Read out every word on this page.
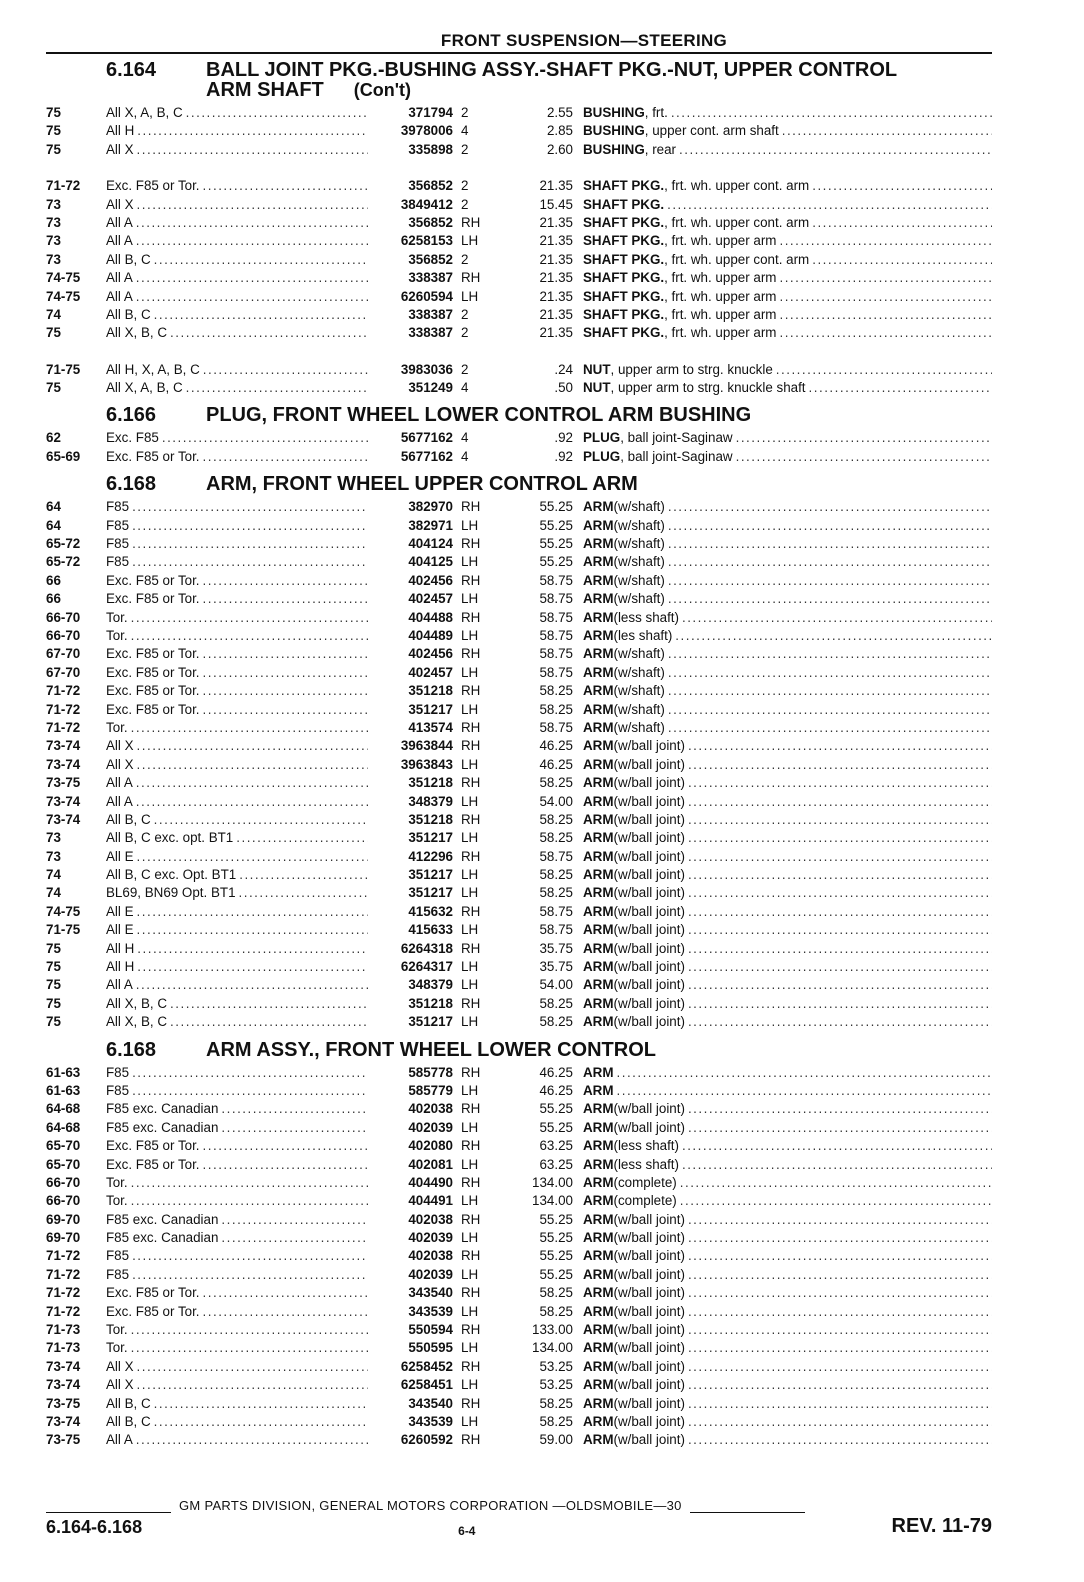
FRONT SUSPENSION—STEERING
6.164	BALL JOINT PKG.-BUSHING ASSY.-SHAFT PKG.-NUT, UPPER CONTROL
ARM SHAFT (Con't)
75	All X, A, B, C .....	371794 2	2.55 BUSHING , frt.
.....
75	All H .....	3978006 4	2.85 BUSHING , upper cont. arm shaft
.....
75	All X .....	335898 2	2.60 BUSHING , rear
.....
71-72	Exc. F85 or Tor. .....	356852 2	21.35 SHAFT PKG. , frt. wh. upper cont. arm
.....
73	All X .....	3849412 2	15.45 SHAFT PKG.
.....
73	All A .....	356852 RH	21.35 SHAFT PKG. , frt. wh. upper cont. arm
.....
73	All A .....	6258153 LH	21.35 SHAFT PKG. , frt. wh. upper arm
.....
73	All B, C .....	356852 2	21.35 SHAFT PKG. , frt. wh. upper cont. arm
.....
74-75	All A .....	338387 RH	21.35 SHAFT PKG. , frt. wh. upper arm
.....
74-75	All A .....	6260594 LH	21.35 SHAFT PKG. , frt. wh. upper arm
.....
74	All B, C .....	338387 2	21.35 SHAFT PKG. , frt. wh. upper arm
.....
75	All X, B, C .....	338387 2	21.35 SHAFT PKG. , frt. wh. upper arm
.....
71-75	All H, X, A, B, C .....	3983036 2	.24 NUT , upper arm to strg. knuckle
.....
75	All X, A, B, C .....	351249 4	.50 NUT , upper arm to strg. knuckle shaft
.....
6.166	PLUG, FRONT WHEEL LOWER CONTROL ARM BUSHING
62	Exc. F85 .....	5677162 4	.92 PLUG , ball joint-Saginaw
.....
65-69	Exc. F85 or Tor. .....	5677162 4	.92 PLUG , ball joint-Saginaw
.....
6.168	ARM, FRONT WHEEL UPPER CONTROL ARM
64	F85 .....	382970 RH	55.25 ARM (w/shaft)
.....
64	F85 .....	382971 LH	55.25 ARM (w/shaft)
.....
65-72	F85 .....	404124 RH	55.25 ARM (w/shaft)
.....
65-72	F85 .....	404125 LH	55.25 ARM (w/shaft)
.....
66	Exc. F85 or Tor. .....	402456 RH	58.75 ARM (w/shaft)
.....
66	Exc. F85 or Tor. .....	402457 LH	58.75 ARM (w/shaft)
.....
66-70	Tor. .....	404488 RH	58.75 ARM (less shaft)
.....
66-70	Tor. .....	404489 LH	58.75 ARM (les shaft)
.....
67-70	Exc. F85 or Tor. .....	402456 RH	58.75 ARM (w/shaft)
.....
67-70	Exc. F85 or Tor. .....	402457 LH	58.75 ARM (w/shaft)
.....
71-72	Exc. F85 or Tor. .....	351218 RH	58.25 ARM (w/shaft)
.....
71-72	Exc. F85 or Tor. .....	351217 LH	58.25 ARM (w/shaft)
.....
71-72	Tor. .....	413574 RH	58.75 ARM (w/shaft)
.....
73-74	All X .....	3963844 RH	46.25 ARM (w/ball joint)
.....
73-74	All X .....	3963843 LH	46.25 ARM (w/ball joint)
.....
73-75	All A .....	351218 RH	58.25 ARM (w/ball joint)
.....
73-74	All A .....	348379 LH	54.00 ARM (w/ball joint)
.....
73-74	All B, C .....	351218 RH	58.25 ARM (w/ball joint)
.....
73	All B, C exc. opt. BT1 .....	351217 LH	58.25 ARM (w/ball joint)
.....
73	All E .....	412296 RH	58.75 ARM (w/ball joint)
.....
74	All B, C exc. Opt. BT1 .....	351217 LH	58.25 ARM (w/ball joint)
.....
74	BL69, BN69 Opt. BT1 .....	351217 LH	58.25 ARM (w/ball joint)
.....
74-75	All E .....	415632 RH	58.75 ARM (w/ball joint)
.....
71-75	All E .....	415633 LH	58.75 ARM (w/ball joint)
.....
75	All H .....	6264318 RH	35.75 ARM (w/ball joint)
.....
75	All H .....	6264317 LH	35.75 ARM (w/ball joint)
.....
75	All A .....	348379 LH	54.00 ARM (w/ball joint)
.....
75	All X, B, C .....	351218 RH	58.25 ARM (w/ball joint)
.....
75	All X, B, C .....	351217 LH	58.25 ARM (w/ball joint)
.....
6.168	ARM ASSY., FRONT WHEEL LOWER CONTROL
61-63	F85 .....	585778 RH	46.25 ARM
.....
61-63	F85 .....	585779 LH	46.25 ARM
.....
64-68	F85 exc. Canadian .....	402038 RH	55.25 ARM (w/ball joint)
.....
64-68	F85 exc. Canadian .....	402039 LH	55.25 ARM (w/ball joint)
.....
65-70	Exc. F85 or Tor. .....	402080 RH	63.25 ARM (less shaft)
.....
65-70	Exc. F85 or Tor. .....	402081 LH	63.25 ARM (less shaft)
.....
66-70	Tor. .....	404490 RH	134.00 ARM (complete)
.....
66-70	Tor. .....	404491 LH	134.00 ARM (complete)
.....
69-70	F85 exc. Canadian .....	402038 RH	55.25 ARM (w/ball joint)
.....
69-70	F85 exc. Canadian .....	402039 LH	55.25 ARM (w/ball joint)
.....
71-72	F85 .....	402038 RH	55.25 ARM (w/ball joint)
.....
71-72	F85 .....	402039 LH	55.25 ARM (w/ball joint)
.....
71-72	Exc. F85 or Tor. .....	343540 RH	58.25 ARM (w/ball joint)
.....
71-72	Exc. F85 or Tor. .....	343539 LH	58.25 ARM (w/ball joint)
.....
71-73	Tor. .....	550594 RH	133.00 ARM (w/ball joint)
.....
71-73	Tor. .....	550595 LH	134.00 ARM (w/ball joint)
.....
73-74	All X .....	6258452 RH	53.25 ARM (w/ball joint)
.....
73-74	All X .....	6258451 LH	53.25 ARM (w/ball joint)
.....
73-75	All B, C .....	343540 RH	58.25 ARM (w/ball joint)
.....
73-74	All B, C .....	343539 LH	58.25 ARM (w/ball joint)
.....
73-75	All A .....	6260592 RH	59.00 ARM (w/ball joint)
.....
GM PARTS DIVISION, GENERAL MOTORS CORPORATION —OLDSMOBILE—30
6.164-6.168	6-4	REV. 11-79
